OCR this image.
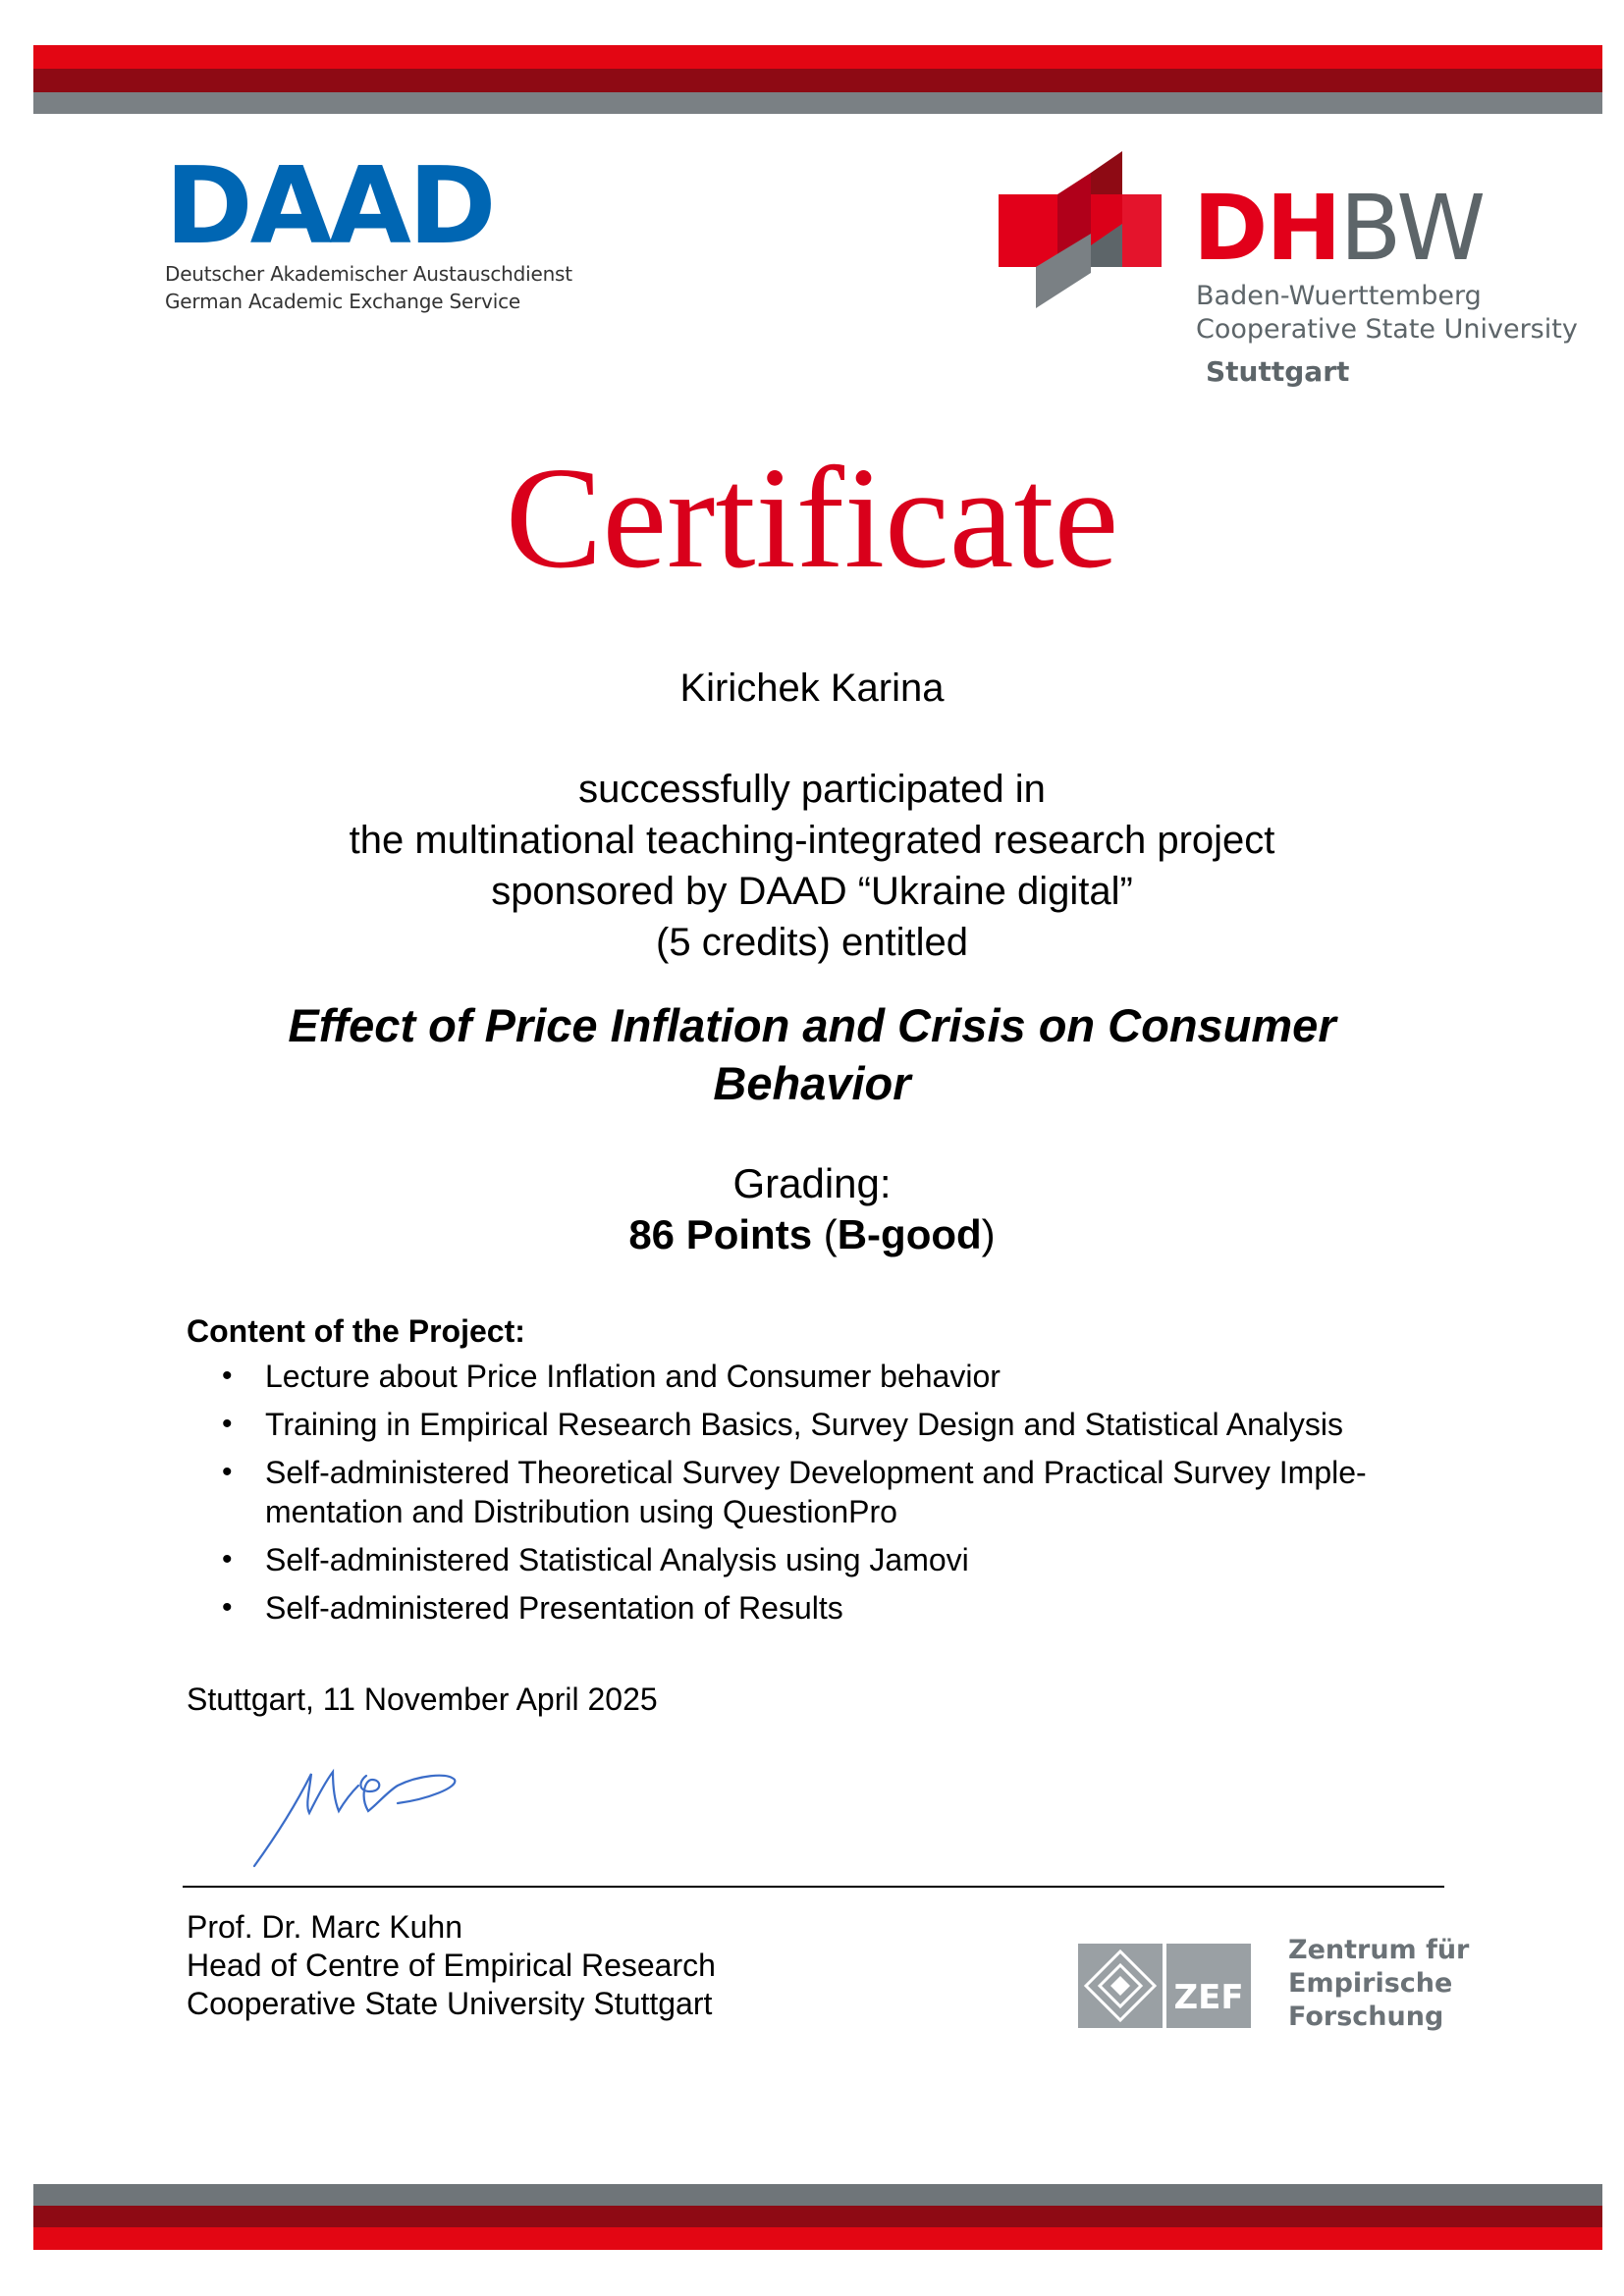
DAAD
Deutscher Akademischer Austauschdienst
German Academic Exchange Service
DHBW
Baden-Wuerttemberg
Cooperative State University
Stuttgart
Certificate
Kirichek Karina
successfully participated in
the multinational teaching-integrated research project
sponsored by DAAD “Ukraine digital”
(5 credits) entitled
Effect of Price Inflation and Crisis on Consumer
Behavior
Grading:
86 Points (B-good)
Content of the Project:
• Lecture about Price Inflation and Consumer behavior
• Training in Empirical Research Basics, Survey Design and Statistical Analysis
• Self-administered Theoretical Survey Development and Practical Survey Imple-mentation and Distribution using QuestionPro
• Self-administered Statistical Analysis using Jamovi
• Self-administered Presentation of Results
Stuttgart, 11 November April 2025
Prof. Dr. Marc Kuhn
Head of Centre of Empirical Research
Cooperative State University Stuttgart	ZEF
Zentrum für
Empirische
Forschung
